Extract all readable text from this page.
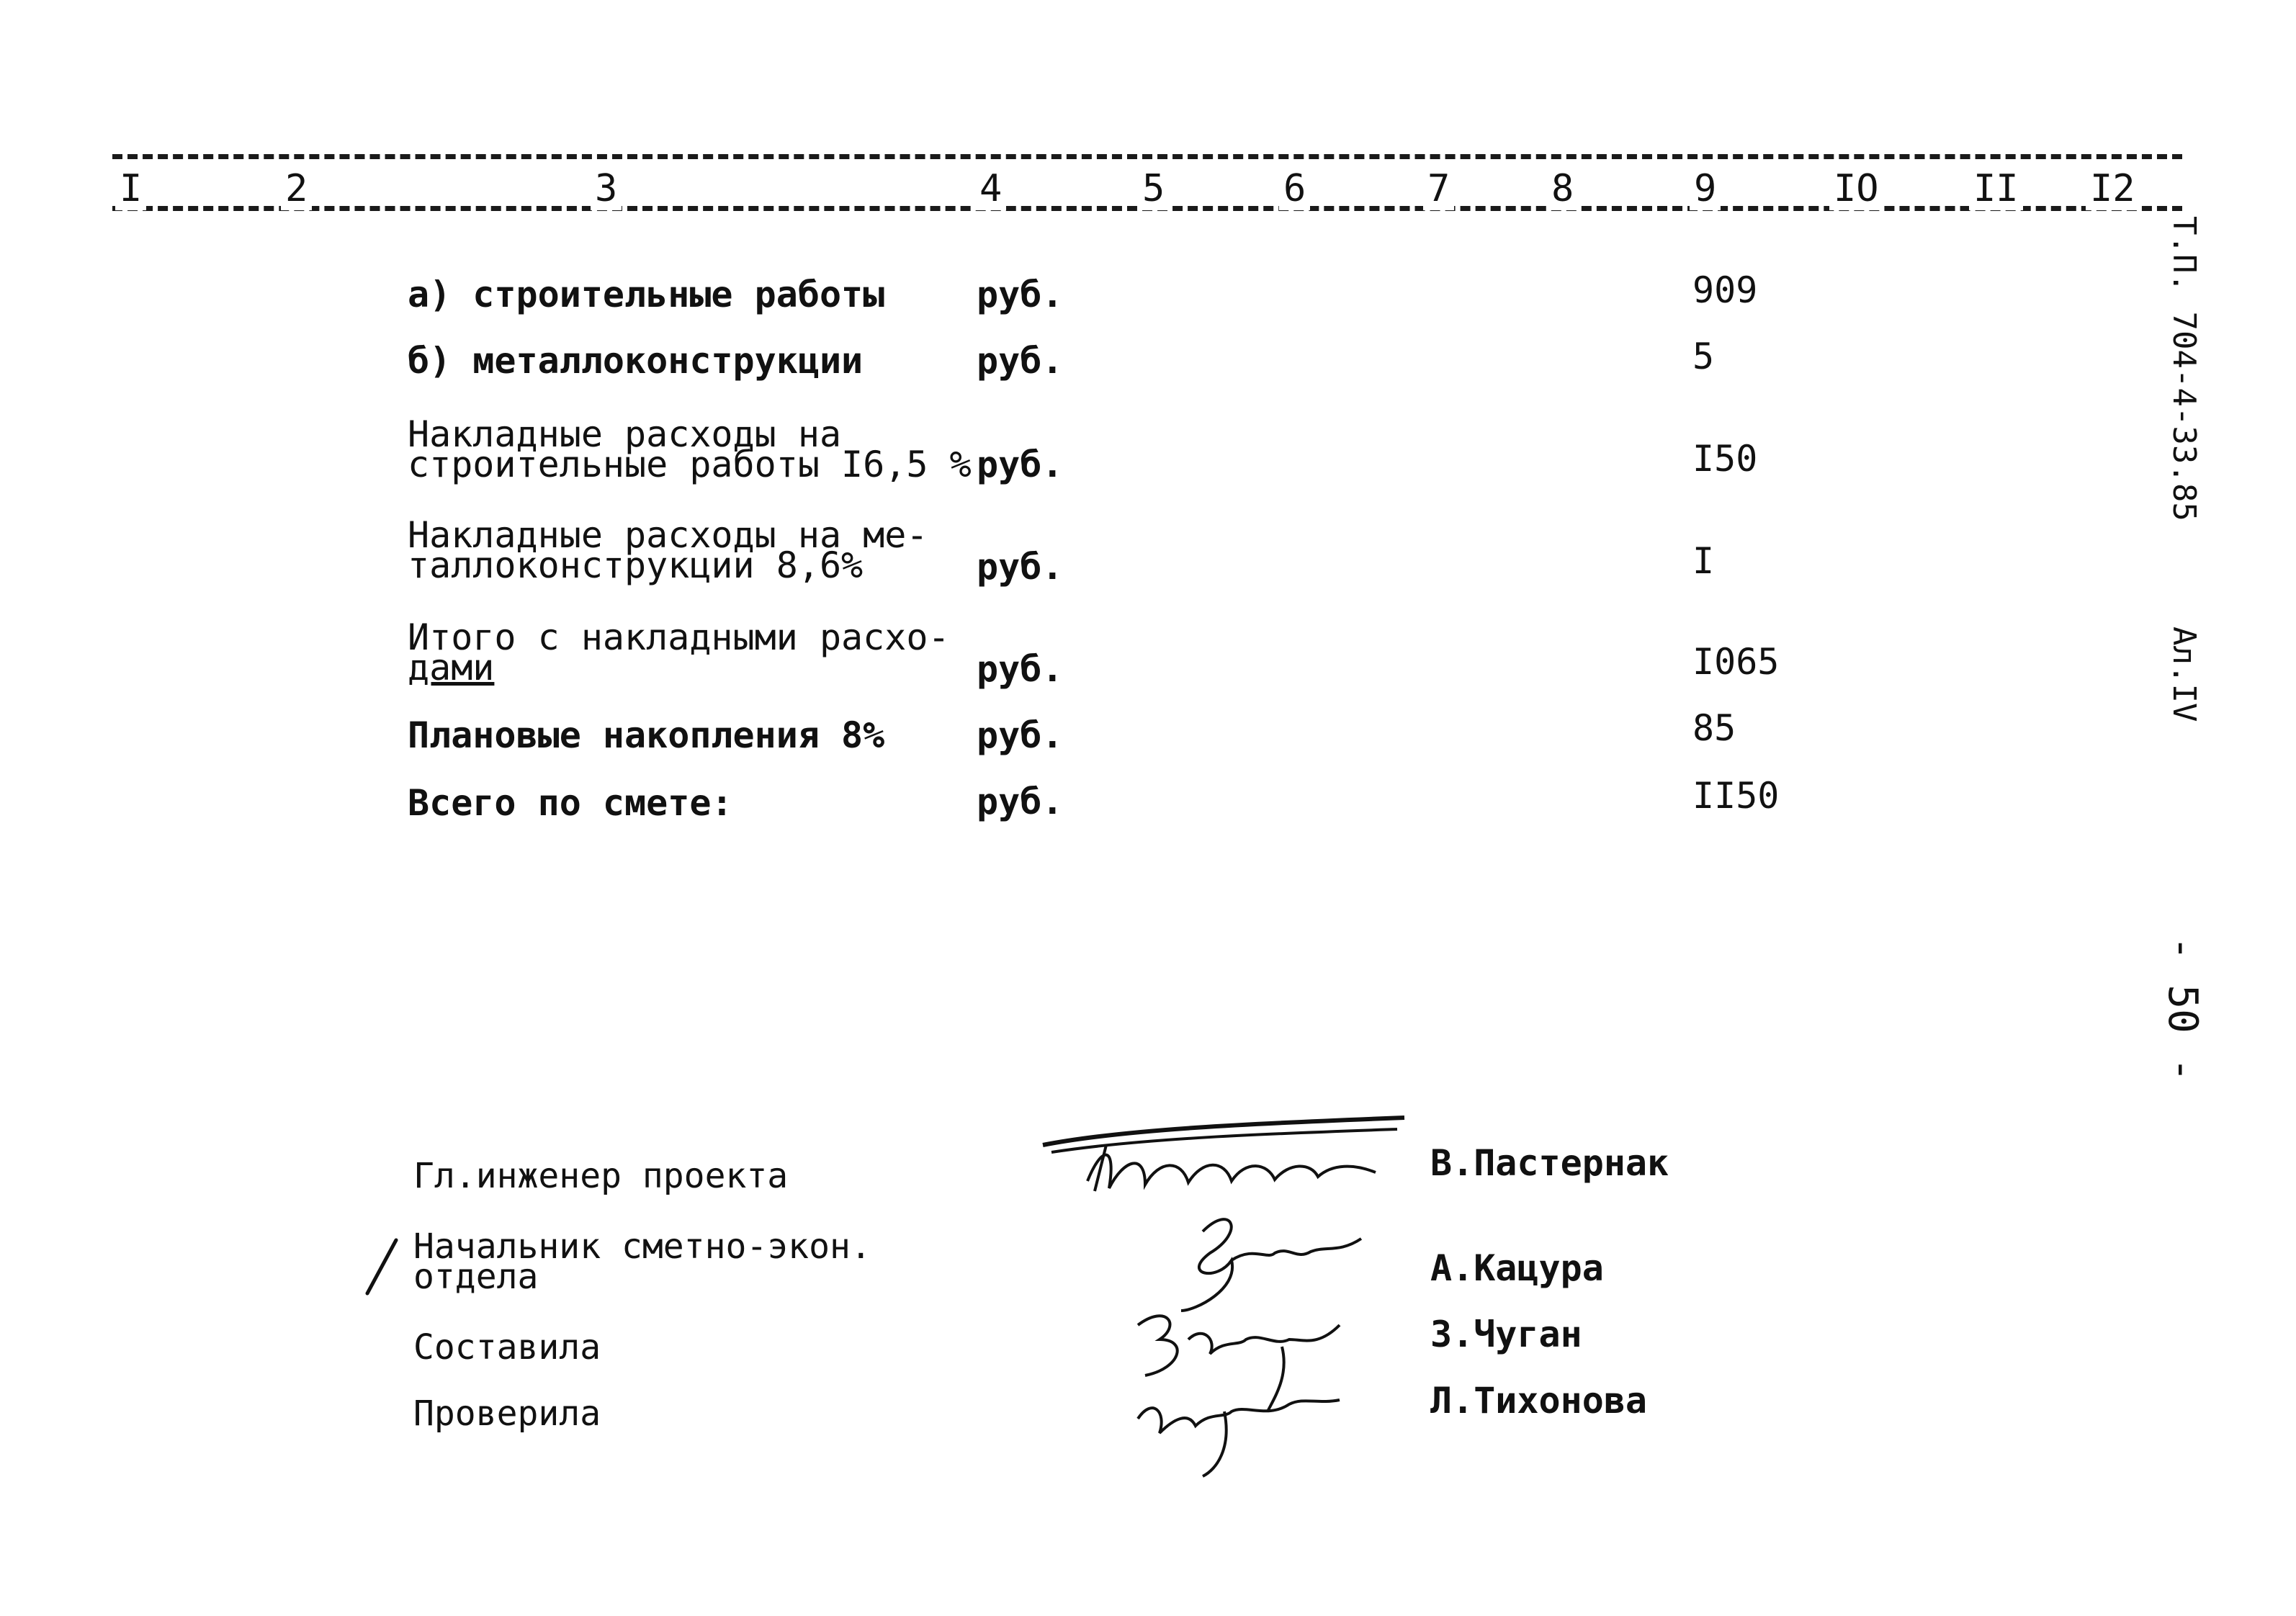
I	2	3	4	5	6	7	8	9	IO	II I2
а) строительные работы	руб.	909
б) металлоконструкции	руб.	5
Накладные расходы на
строительные работы I6,5 % руб.	I50
Накладные расходы на ме-
таллоконструкции 8,6%	руб.	I
Итого с накладными расхо-
дами	руб.	I065
Плановые накопления 8%	руб.	85
Всего по смете:	руб.	II50
Т.П. 704-4-33.85 Ал.IV
- 50 -
Гл.инженер проекта	В.Пастернак
Начальник сметно-экон.
отдела	А.Кацура
Составила	З.Чуган
Проверила	Л.Тихонова
